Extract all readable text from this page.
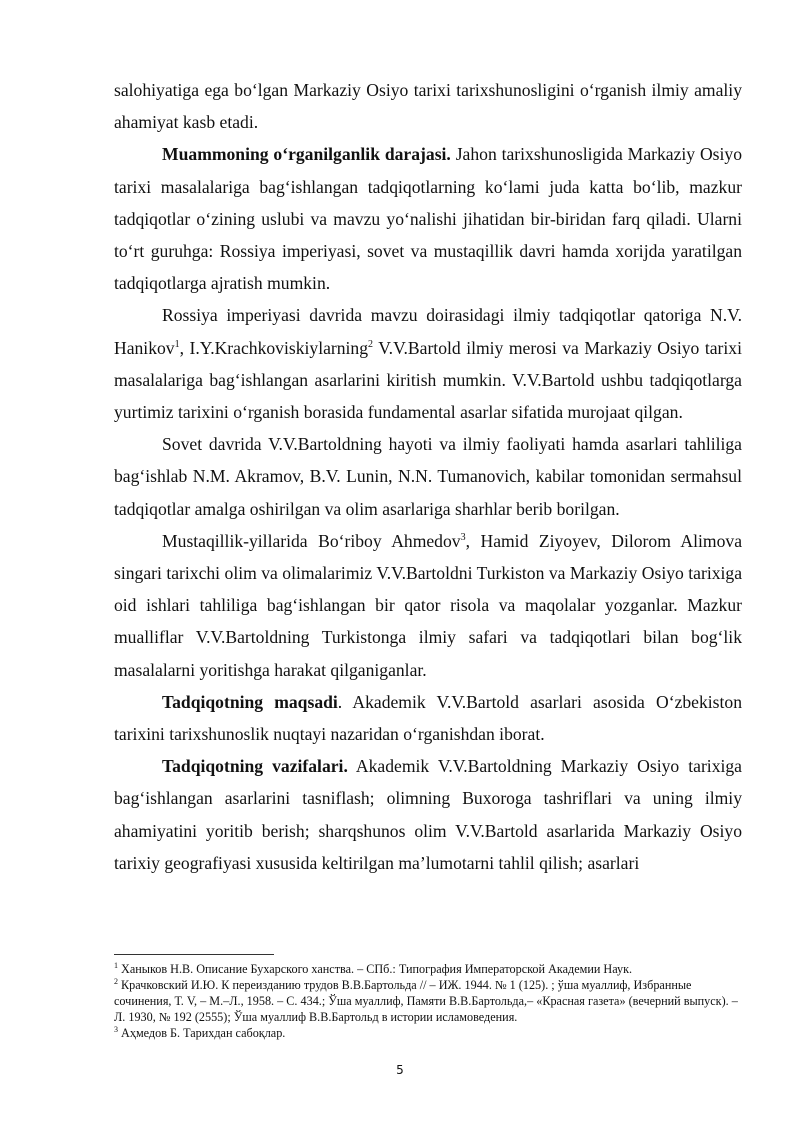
salohiyatiga ega bo‘lgan Markaziy Osiyo tarixi tarixshunosligini o‘rganish ilmiy amaliy ahamiyat kasb etadi.

Muammoning o‘rganilganlik darajasi. Jahon tarixshunosligida Markaziy Osiyo tarixi masalalariga bag‘ishlangan tadqiqotlarning ko‘lami juda katta bo‘lib, mazkur tadqiqotlar o‘zining uslubi va mavzu yo‘nalishi jihatidan bir-biridan farq qiladi. Ularni to‘rt guruhga: Rossiya imperiyasi, sovet va mustaqillik davri hamda xorijda yaratilgan tadqiqotlarga ajratish mumkin.

Rossiya imperiyasi davrida mavzu doirasidagi ilmiy tadqiqotlar qatoriga N.V. Hanikov$^1$, I.Y.Krachkoviskiylarning$^2$ V.V.Bartold ilmiy merosi va Markaziy Osiyo tarixi masalalariga bag‘ishlangan asarlarini kiritish mumkin. V.V.Bartold ushbu tadqiqotlarga yurtimiz tarixini o‘rganish borasida fundamental asarlar sifatida murojaat qilgan.

Sovet davrida V.V.Bartoldning hayoti va ilmiy faoliyati hamda asarlari tahliliga bag‘ishlab N.M. Akramov, B.V. Lunin, N.N. Tumanovich, kabilar tomonidan sermahsul tadqiqotlar amalga oshirilgan va olim asarlariga sharhlar berib borilgan.

Mustaqillik-yillarida Bo‘riboy Ahmedov$^3$, Hamid Ziyoyev, Dilorom Alimova singari tarixchi olim va olimalarimiz V.V.Bartoldni Turkiston va Markaziy Osiyo tarixiga oid ishlari tahliliga bag‘ishlangan bir qator risola va maqolalar yozganlar. Mazkur mualliflar V.V.Bartoldning Turkistonga ilmiy safari va tadqiqotlari bilan bog‘lik masalalarni yoritishga harakat qilganiganlar.

Tadqiqotning maqsadi. Akademik V.V.Bartold asarlari asosida O‘zbekiston tarixini tarixshunoslik nuqtayi nazaridan o‘rganishdan iborat.

Tadqiqotning vazifalari. Akademik V.V.Bartoldning Markaziy Osiyo tarixiga bag‘ishlangan asarlarini tasniflash; olimning Buxoroga tashriflari va uning ilmiy ahamiyatini yoritib berish; sharqshunos olim V.V.Bartold asarlarida Markaziy Osiyo tarixiy geografiyasi xususida keltirilgan ma’lumotarni tahlil qilish; asarlari

$^1$ Ханыков Н.В. Описание Бухарского ханства. – СПб.: Типография Императорской Академии Наук.

$^2$ Крачковский И.Ю. К переизданию трудов В.В.Бартольда // – ИЖ. 1944. № 1 (125). ; ўша муаллиф, Избранные сочинения, Т. V, – М.–Л., 1958. – С. 434.; Ўша муаллиф, Памяти В.В.Бартольда,– «Красная газета» (вечерний выпуск). – Л. 1930, № 192 (2555); Ўша муаллиф В.В.Бартольд в истории исламоведения.

$^3$ Аҳмедов Б. Тарихдан сабоқлар.

5
